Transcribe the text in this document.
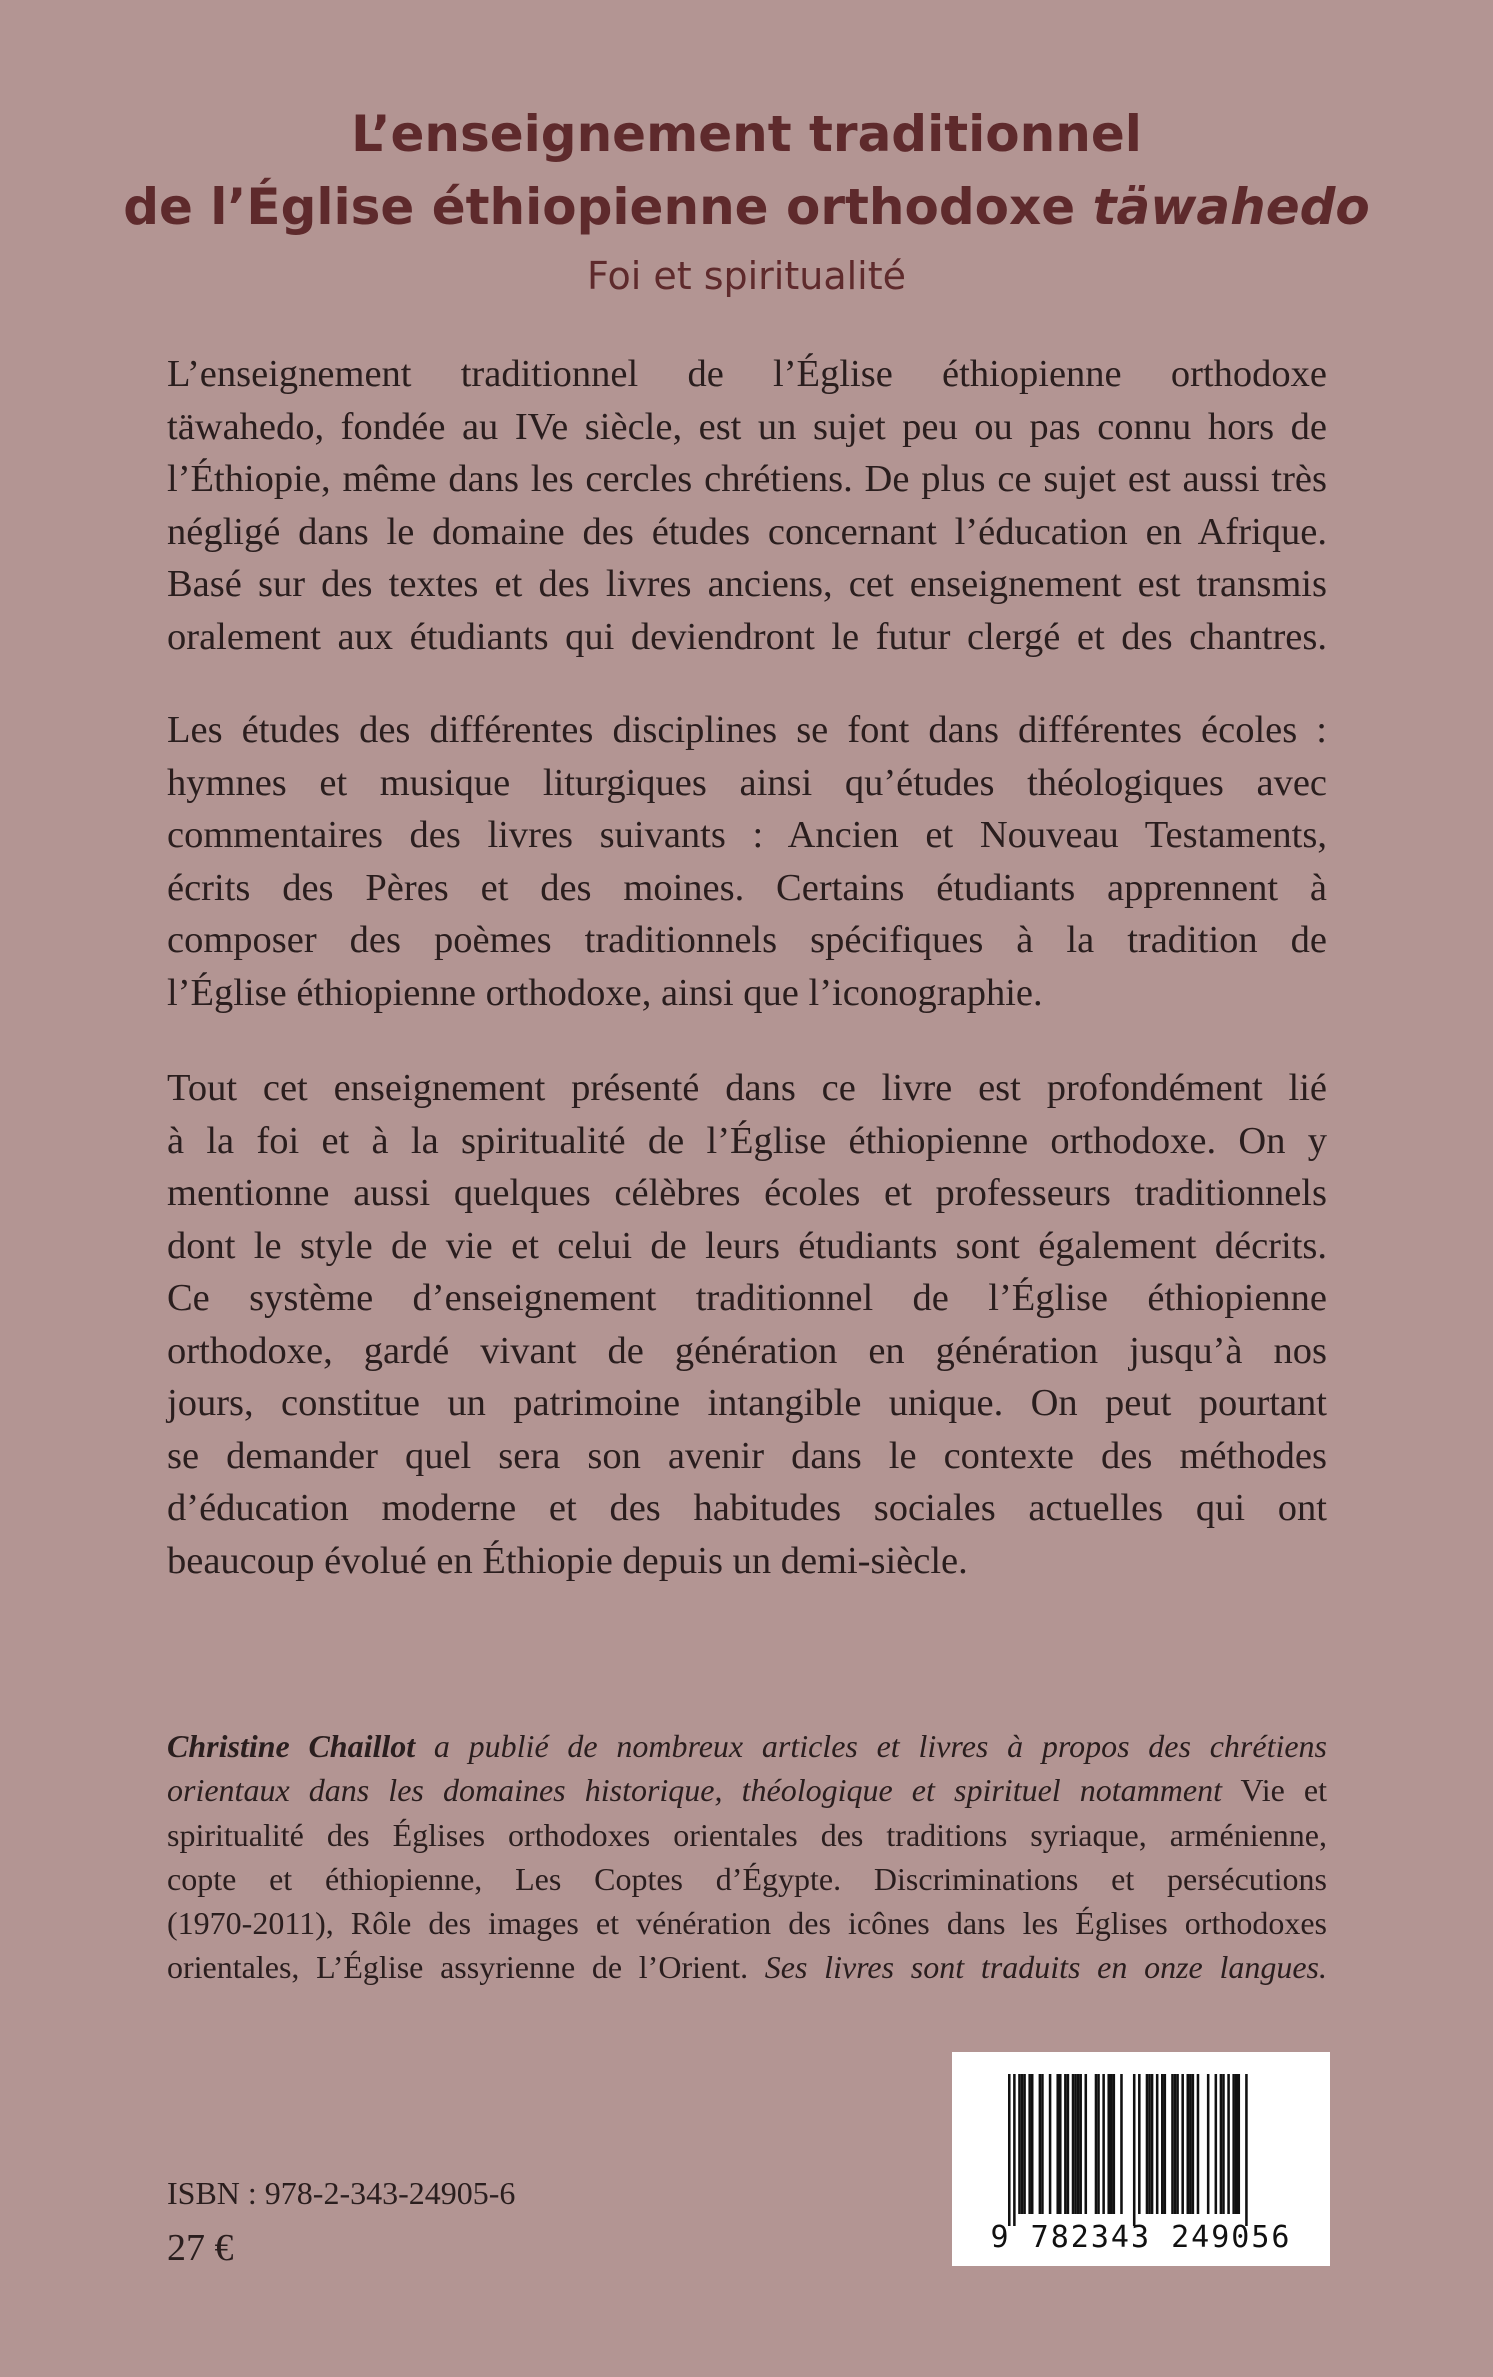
L’enseignement traditionnel
de l’Église éthiopienne orthodoxe täwahedo
Foi et spiritualité
L’enseignement traditionnel de l’Église éthiopienne orthodoxe
täwahedo, fondée au IVe siècle, est un sujet peu ou pas connu hors de
l’Éthiopie, même dans les cercles chrétiens. De plus ce sujet est aussi très
négligé dans le domaine des études concernant l’éducation en Afrique.
Basé sur des textes et des livres anciens, cet enseignement est transmis
oralement aux étudiants qui deviendront le futur clergé et des chantres.
Les études des différentes disciplines se font dans différentes écoles :
hymnes et musique liturgiques ainsi qu’études théologiques avec
commentaires des livres suivants : Ancien et Nouveau Testaments,
écrits des Pères et des moines. Certains étudiants apprennent à
composer des poèmes traditionnels spécifiques à la tradition de
l’Église éthiopienne orthodoxe, ainsi que l’iconographie.
Tout cet enseignement présenté dans ce livre est profondément lié
à la foi et à la spiritualité de l’Église éthiopienne orthodoxe. On y
mentionne aussi quelques célèbres écoles et professeurs traditionnels
dont le style de vie et celui de leurs étudiants sont également décrits.
Ce système d’enseignement traditionnel de l’Église éthiopienne
orthodoxe, gardé vivant de génération en génération jusqu’à nos
jours, constitue un patrimoine intangible unique. On peut pourtant
se demander quel sera son avenir dans le contexte des méthodes
d’éducation moderne et des habitudes sociales actuelles qui ont
beaucoup évolué en Éthiopie depuis un demi-siècle.
Christine Chaillot a publié de nombreux articles et livres à propos des chrétiens
orientaux dans les domaines historique, théologique et spirituel notamment Vie et
spiritualité des Églises orthodoxes orientales des traditions syriaque, arménienne,
copte et éthiopienne, Les Coptes d’Égypte. Discriminations et persécutions
(1970-2011), Rôle des images et vénération des icônes dans les Églises orthodoxes
orientales, L’Église assyrienne de l’Orient. Ses livres sont traduits en onze langues.
ISBN : 978-2-343-24905-6
27 €	9 782343 249056
